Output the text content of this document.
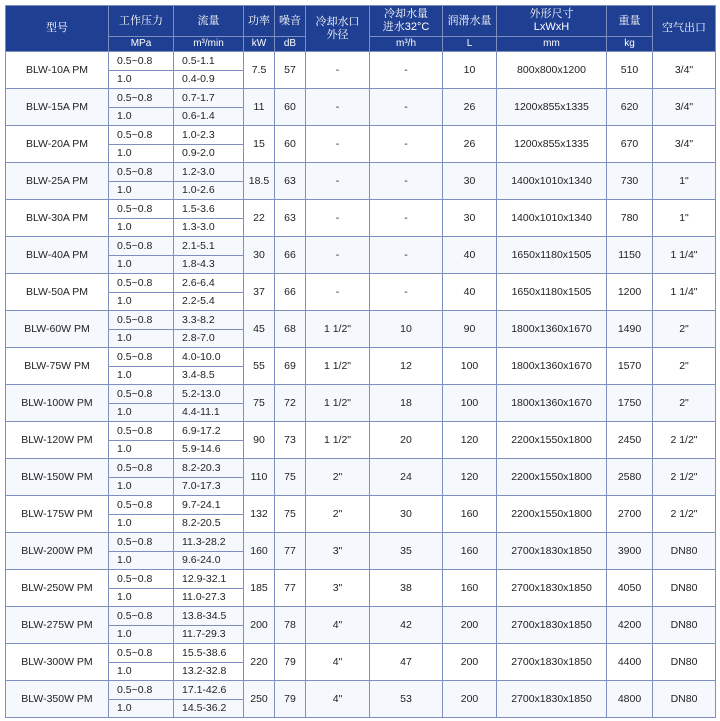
型号	工作压力	流量	功率	噪音	冷却水口
外径	冷却水量
进水32°C	润滑水量	外形尺寸
LxWxH	重量	空气出口
	MPa	m³/min	kW	dB		m³/h	L	mm	kg	
BLW-10A PM	0.5~0.8	0.5-1.1	7.5	57	-	-	10	800x800x1200	510	3/4"
	1.0	0.4-0.9								
BLW-15A PM	0.5~0.8	0.7-1.7	11	60	-	-	26	1200x855x1335	620	3/4"
	1.0	0.6-1.4								
BLW-20A PM	0.5~0.8	1.0-2.3	15	60	-	-	26	1200x855x1335	670	3/4"
	1.0	0.9-2.0								
BLW-25A PM	0.5~0.8	1.2-3.0	18.5	63	-	-	30	1400x1010x1340	730	1"
	1.0	1.0-2.6								
BLW-30A PM	0.5~0.8	1.5-3.6	22	63	-	-	30	1400x1010x1340	780	1"
	1.0	1.3-3.0								
BLW-40A PM	0.5~0.8	2.1-5.1	30	66	-	-	40	1650x1180x1505	1150	1 1/4"
	1.0	1.8-4.3								
BLW-50A PM	0.5~0.8	2.6-6.4	37	66	-	-	40	1650x1180x1505	1200	1 1/4"
	1.0	2.2-5.4								
BLW-60W PM	0.5~0.8	3.3-8.2	45	68	1 1/2"	10	90	1800x1360x1670	1490	2"
	1.0	2.8-7.0								
BLW-75W PM	0.5~0.8	4.0-10.0	55	69	1 1/2"	12	100	1800x1360x1670	1570	2"
	1.0	3.4-8.5								
BLW-100W PM	0.5~0.8	5.2-13.0	75	72	1 1/2"	18	100	1800x1360x1670	1750	2"
	1.0	4.4-11.1								
BLW-120W PM	0.5~0.8	6.9-17.2	90	73	1 1/2"	20	120	2200x1550x1800	2450	2 1/2"
	1.0	5.9-14.6								
BLW-150W PM	0.5~0.8	8.2-20.3	110	75	2"	24	120	2200x1550x1800	2580	2 1/2"
	1.0	7.0-17.3								
BLW-175W PM	0.5~0.8	9.7-24.1	132	75	2"	30	160	2200x1550x1800	2700	2 1/2"
	1.0	8.2-20.5								
BLW-200W PM	0.5~0.8	11.3-28.2	160	77	3"	35	160	2700x1830x1850	3900	DN80
	1.0	9.6-24.0								
BLW-250W PM	0.5~0.8	12.9-32.1	185	77	3"	38	160	2700x1830x1850	4050	DN80
	1.0	11.0-27.3								
BLW-275W PM	0.5~0.8	13.8-34.5	200	78	4"	42	200	2700x1830x1850	4200	DN80
	1.0	11.7-29.3								
BLW-300W PM	0.5~0.8	15.5-38.6	220	79	4"	47	200	2700x1830x1850	4400	DN80
	1.0	13.2-32.8								
BLW-350W PM	0.5~0.8	17.1-42.6	250	79	4"	53	200	2700x1830x1850	4800	DN80
	1.0	14.5-36.2								
